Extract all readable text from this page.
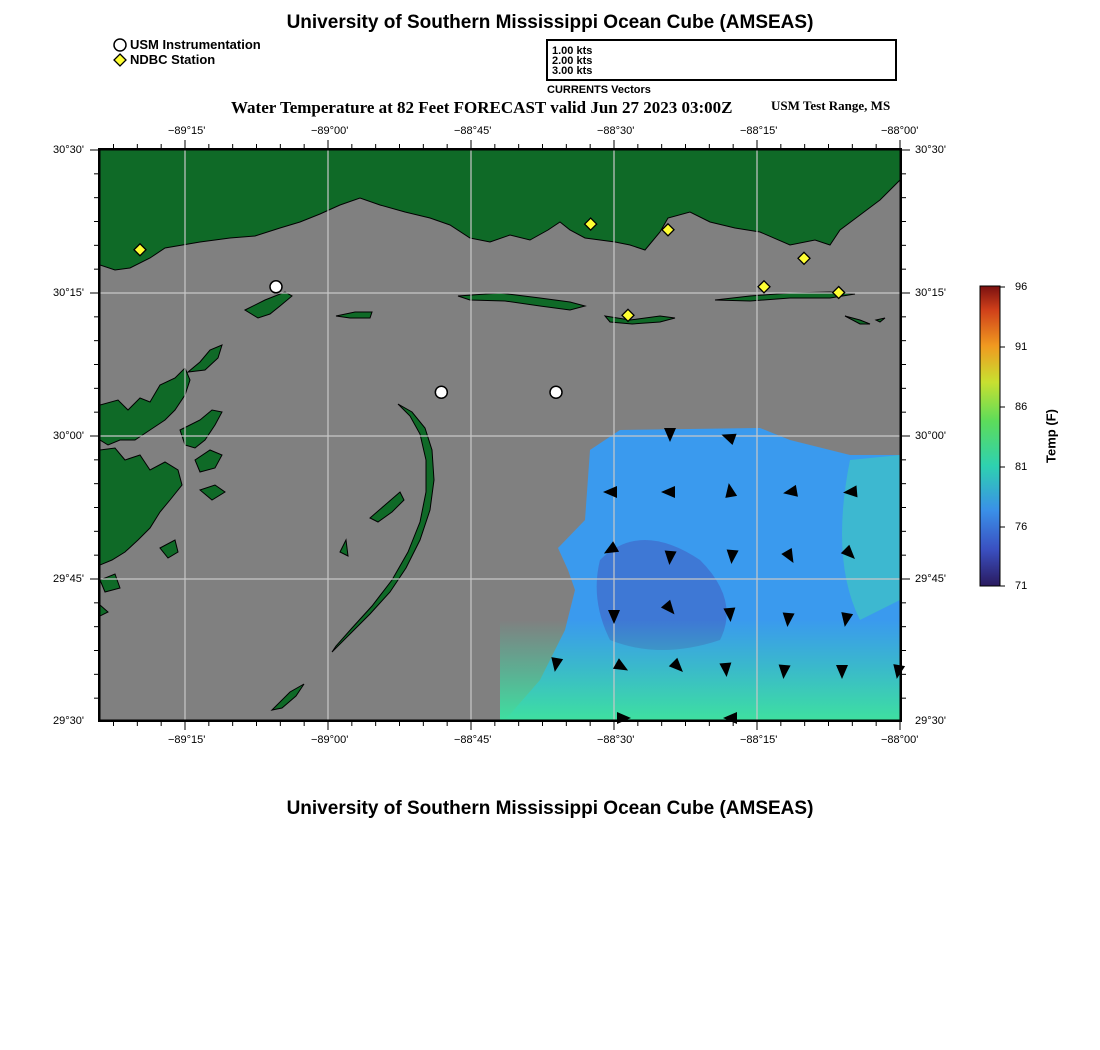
University of Southern Mississippi Ocean Cube (AMSEAS)
USM Instrumentation
NDBC Station
1.00 kts
2.00 kts
3.00 kts
CURRENTS Vectors
Water Temperature at 82 Feet FORECAST valid Jun 27 2023 03:00Z	USM Test Range, MS
−89°15'	−89°00'	−88°45'	−88°30'	−88°15'	−88°00'
−89°15'	−89°00'	−88°45'	−88°30'	−88°15'	−88°00'
30°30'
30°15'
30°00'
29°45'
29°30'
30°30'
30°15'
30°00'
29°45'
29°30'
96
91
86
81
76
71
Temp (F)
University of Southern Mississippi Ocean Cube (AMSEAS)
